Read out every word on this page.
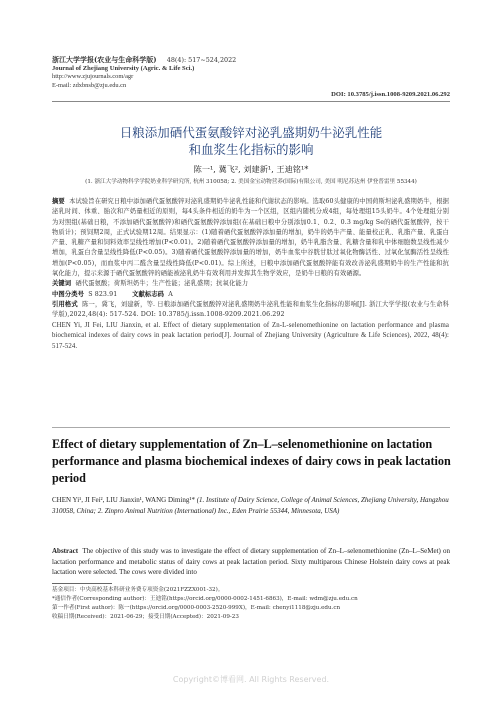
浙江大学学报(农业与生命科学版) 48(4): 517~524,2022
Journal of Zhejiang University (Agric. & Life Sci.)
http://www.zjujournals.com/agr
E-mail: zdxbnsb@zju.edu.cn
DOI: 10.3785/j.issn.1008-9209.2021.06.292
日粮添加硒代蛋氨酸锌对泌乳盛期奶牛泌乳性能
和血浆生化指标的影响
陈一¹, 冀飞², 刘建新¹, 王迪铭¹*
(1. 浙江大学动物科学学院奶业科学研究所, 杭州 310058; 2. 美国金宝动物营养(国际)有限公司, 美国 明尼苏达州 伊登普雷里 55344)
摘要 本试验旨在研究日粮中添加硒代蛋氨酸锌对泌乳盛期奶牛泌乳性能和代谢状态的影响。选取60头健康的中国荷斯坦泌乳盛期奶牛，根据泌乳时间、体重、胎次和产奶量相近的原则，每4头条件相近的奶牛为一个区组，区组内随机分成4组，每处理组15头奶牛。4个处理组分别为对照组(基础日粮，不添加硒代蛋氨酸锌)和硒代蛋氨酸锌添加组(在基础日粮中分别添加0.1、0.2、0.3 mg/kg Se的硒代蛋氨酸锌，按干物质计)；预饲期2周，正式试验期12周。结果显示：(1)随着硒代蛋氨酸锌添加量的增加，奶牛的奶牛产量、能量校正乳、乳脂产量、乳蛋白产量、乳糖产量和饲料效率呈线性增加(P<0.01)。2)随着硒代蛋氨酸锌添加量的增加，奶牛乳脂含量、乳糖含量和乳中体细胞数呈线性减少增加，乳蛋白含量呈线性降低(P<0.05)。3)随着硒代蛋氨酸锌添加量的增加，奶牛血浆中谷胱甘肽过氧化物酶活性、过氧化氢酶活性呈线性增加(P<0.05)，而血浆中丙二醛含量呈线性降低(P<0.01)。综上所述，日粮中添加硒代蛋氨酸锌能有效改善泌乳盛期奶牛的生产性能和抗氧化能力，提示来源于硒代蛋氨酸锌的硒能被泌乳奶牛有效利用并发挥其生物学效应，是奶牛日粮的有效硒源。
关键词 硒代蛋氨酸；荷斯坦奶牛；生产性能；泌乳盛期；抗氧化能力
中图分类号 S 823.91 文献标志码 A
引用格式 陈一，冀飞，刘建新，等. 日粮添加硒代蛋氨酸锌对泌乳盛期奶牛泌乳性能和血浆生化指标的影响[J]. 浙江大学学报(农业与生命科学版),2022,48(4): 517-524. DOI: 10.3785/j.issn.1008-9209.2021.06.292
CHEN Yi, JI Fei, LIU Jianxin, et al. Effect of dietary supplementation of Zn-L-selenomethionine on lactation performance and plasma biochemical indexes of dairy cows in peak lactation period[J]. Journal of Zhejiang University (Agriculture & Life Sciences), 2022, 48(4): 517-524.
Effect of dietary supplementation of Zn–L–selenomethionine on lactation performance and plasma biochemical indexes of dairy cows in peak lactation period
CHEN Yi¹, JI Fei², LIU Jianxin¹, WANG Diming¹* (1. Institute of Dairy Science, College of Animal Sciences, Zhejiang University, Hangzhou 310058, China; 2. Zinpro Animal Nutrition (International) Inc., Eden Prairie 55344, Minnesota, USA)
Abstract The objective of this study was to investigate the effect of dietary supplementation of Zn–L–selenomethionine (Zn–L–SeMet) on lactation performance and metabolic status of dairy cows at peak lactation period. Sixty multiparous Chinese Holstein dairy cows at peak lactation were selected. The cows were divided into
基金项目：中央高校基本科研业务费专项资金(2021FZZX001-32)。
*通信作者(Corresponding author)：王迪铭(https://orcid.org/0000-0002-1451-6863)，E-mail: wdm@zju.edu.cn
第一作者(First author)：陈一(https://orcid.org/0000-0003-2520-999X)，E-mail: chenyi1118@zju.edu.cn
收稿日期(Received)：2021-06-29；接受日期(Accepted)：2021-09-23
Copyright©博看网. All Rights Reserved.
